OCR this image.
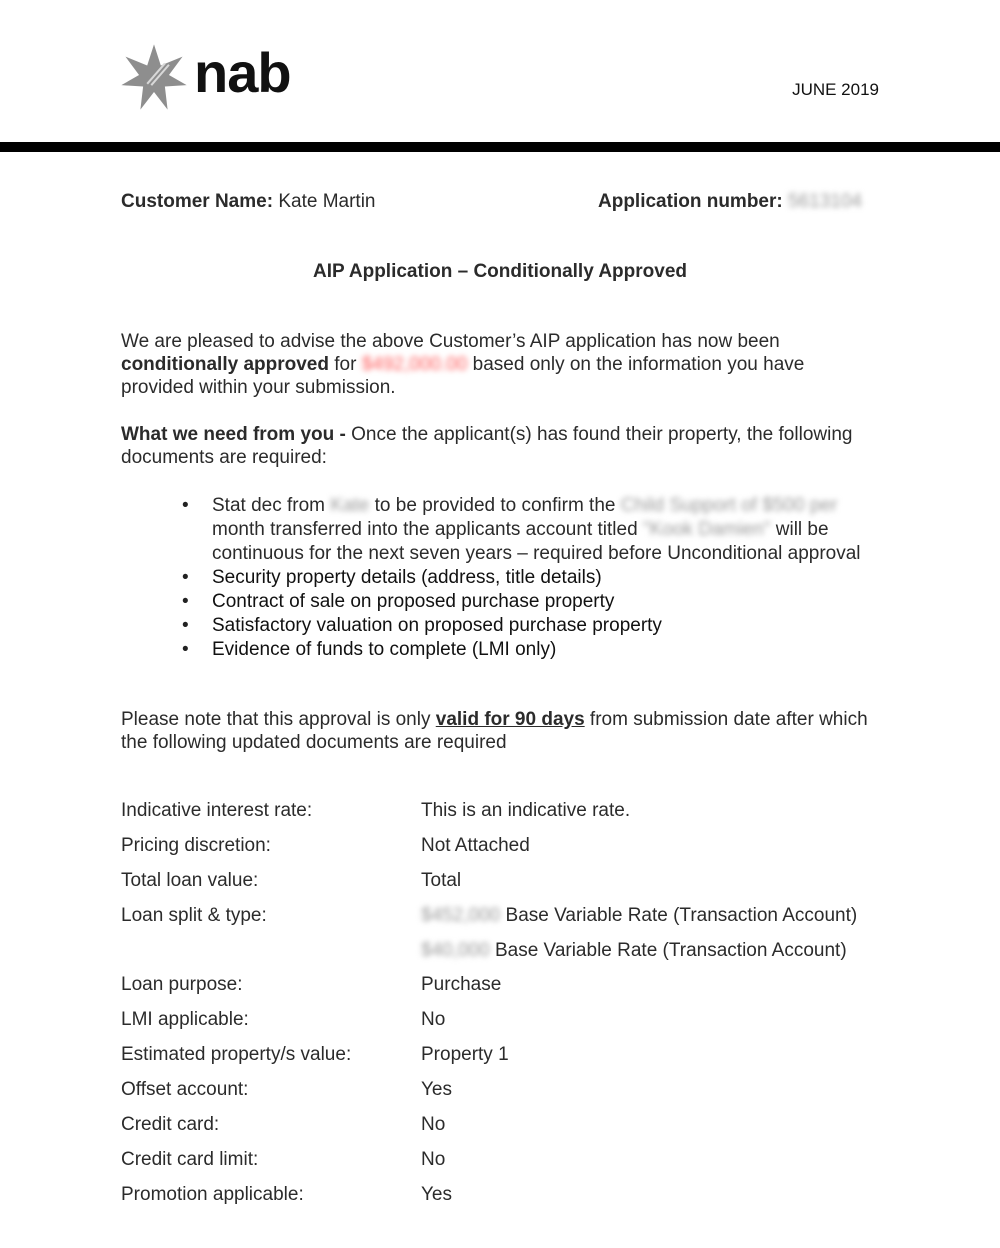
nab	JUNE 2019
Customer Name: Kate Martin	Application number: 5613104
AIP Application – Conditionally Approved
We are pleased to advise the above Customer’s AIP application has now been conditionally approved for $492,000.00 based only on the information you have provided within your submission.
What we need from you - Once the applicant(s) has found their property, the following documents are required:
• Stat dec from Kate to be provided to confirm the Child Support of $500 per month transferred into the applicants account titled "Kook Damien" will be continuous for the next seven years – required before Unconditional approval
• Security property details (address, title details)
• Contract of sale on proposed purchase property
• Satisfactory valuation on proposed purchase property
• Evidence of funds to complete (LMI only)
Please note that this approval is only valid for 90 days from submission date after which the following updated documents are required
Indicative interest rate:	This is an indicative rate.
Pricing discretion:	Not Attached
Total loan value:	Total
Loan split & type:	$452,000 Base Variable Rate (Transaction Account)
$40,000 Base Variable Rate (Transaction Account)
Loan purpose:	Purchase
LMI applicable:	No
Estimated property/s value:	Property 1
Offset account:	Yes
Credit card:	No
Credit card limit:	No
Promotion applicable:	Yes
